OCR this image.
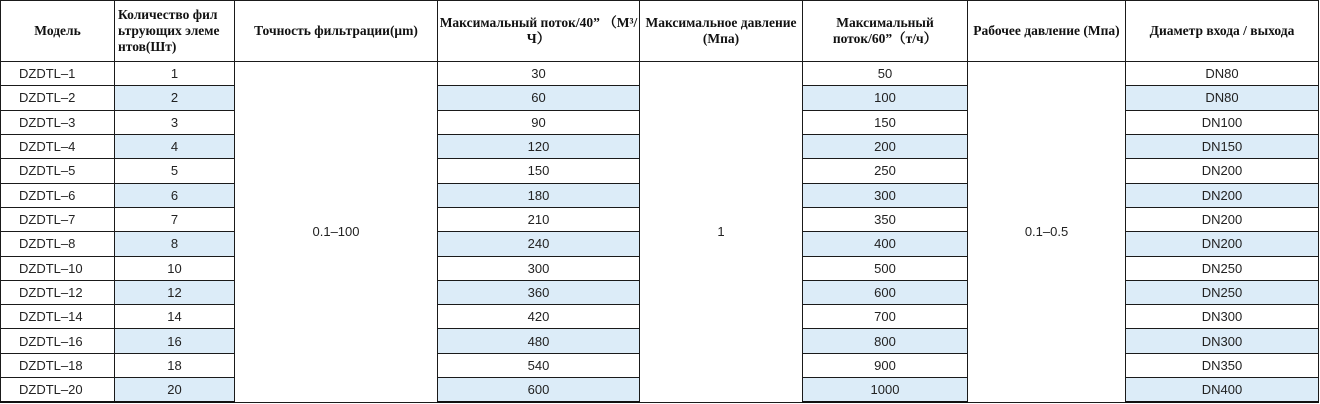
Модель	Количество фил ьтрующих элеме нтов(Шт)	Точность фильтрации(μm)	Максимальный поток/40” （М³/Ч）	Максимальное давление (Мпа)	Максимальный поток/60”（т/ч）	Рабочее давление (Мпа)	Диаметр входа / выхода
DZDTL–1	1	0.1–100	30	1	50	0.1–0.5	DN80
DZDTL–2	2		60		100		DN80
DZDTL–3	3		90		150		DN100
DZDTL–4	4		120		200		DN150
DZDTL–5	5		150		250		DN200
DZDTL–6	6		180		300		DN200
DZDTL–7	7		210		350		DN200
DZDTL–8	8		240		400		DN200
DZDTL–10	10		300		500		DN250
DZDTL–12	12		360		600		DN250
DZDTL–14	14		420		700		DN300
DZDTL–16	16		480		800		DN300
DZDTL–18	18		540		900		DN350
DZDTL–20	20		600		1000		DN400
